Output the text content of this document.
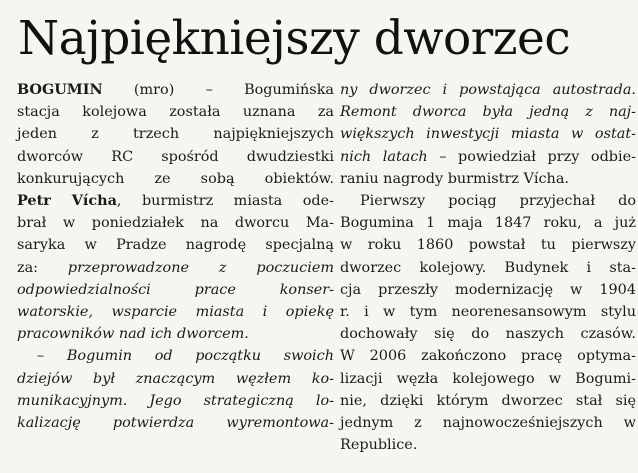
Najpiękniejszy dworzec

BOGUMIN (mro) – Bogumińska
stacja kolejowa została uznana za
jeden z trzech najpiękniejszych
dworców RC spośród dwudziestki
konkurujących ze sobą obiektów.
Petr Vícha, burmistrz miasta ode-
brał w poniedziałek na dworcu Ma-
saryka w Pradze nagrodę specjalną
za: przeprowadzone z poczuciem
odpowiedzialności prace konser-
watorskie, wsparcie miasta i opiekę
pracowników nad ich dworcem.

– Bogumin od początku swoich
dziejów był znaczącym węzłem ko-
munikacyjnym. Jego strategiczną lo-
kalizację potwierdza wyremontowa-

ny dworzec i powstająca autostrada.
Remont dworca była jedną z naj-
większych inwestycji miasta w ostat-
nich latach – powiedział przy odbie-
raniu nagrody burmistrz Vícha.

Pierwszy pociąg przyjechał do
Bogumina 1 maja 1847 roku, a już
w roku 1860 powstał tu pierwszy
dworzec kolejowy. Budynek i sta-
cja przeszły modernizację w 1904
r. i w tym neorenesansowym stylu
dochowały się do naszych czasów.
W 2006 zakończono pracę optyma-
lizacji węzła kolejowego w Bogumi-
nie, dzięki którym dworzec stał się
jednym z najnowocześniejszych w
Republice.
